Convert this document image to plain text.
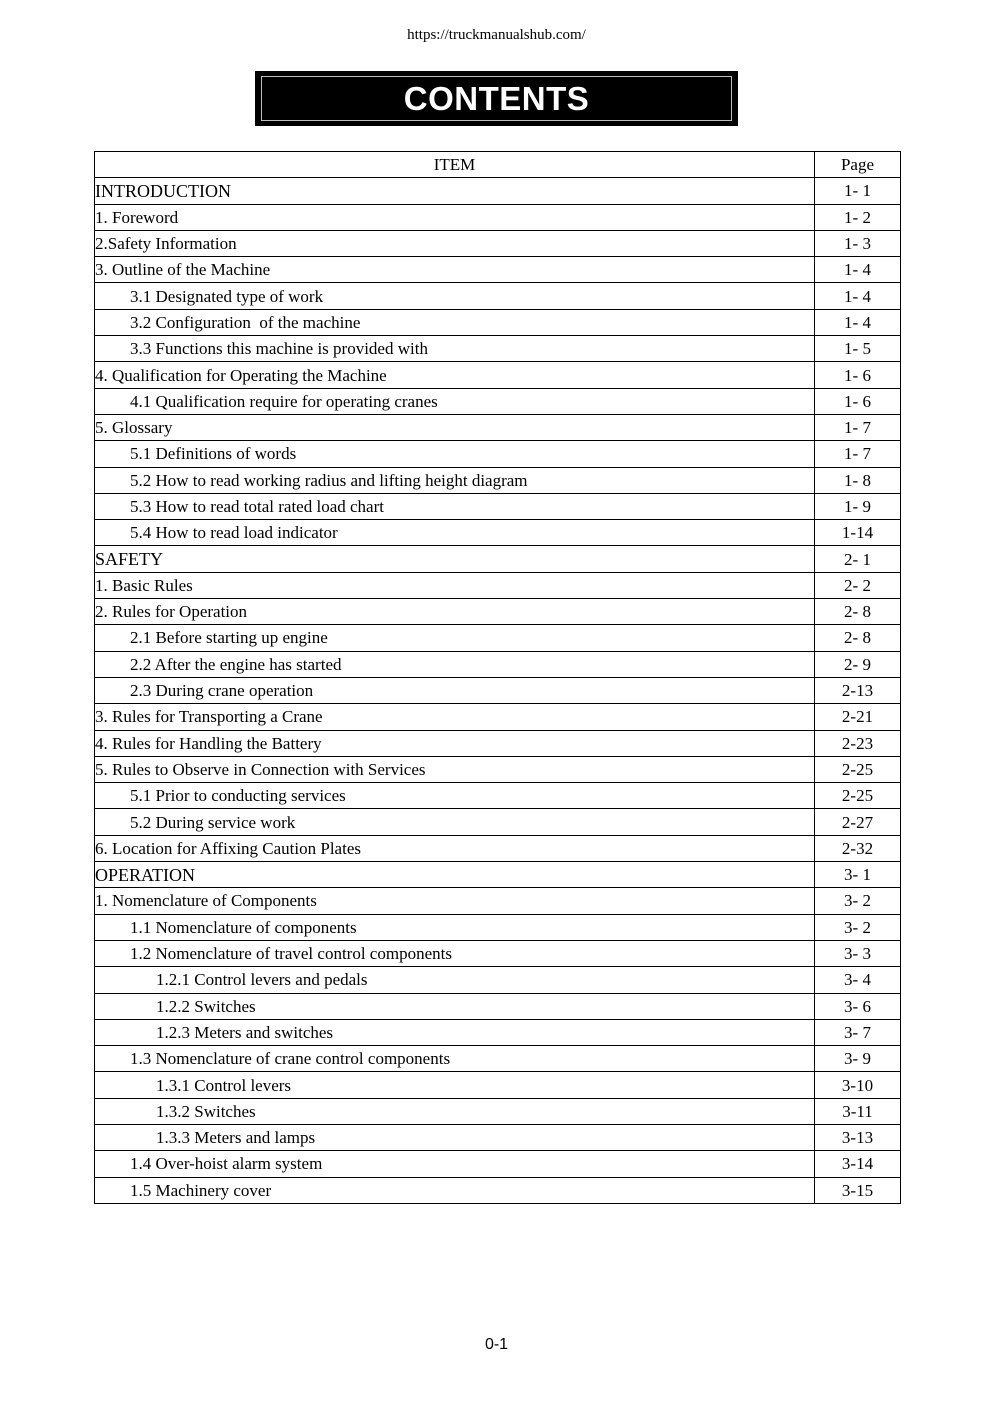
https://truckmanualshub.com/
CONTENTS
ITEM	Page
INTRODUCTION	1- 1
1. Foreword	1- 2
2.Safety Information	1- 3
3. Outline of the Machine	1- 4
3.1 Designated type of work	1- 4
3.2 Configuration  of the machine	1- 4
3.3 Functions this machine is provided with	1- 5
4. Qualification for Operating the Machine	1- 6
4.1 Qualification require for operating cranes	1- 6
5. Glossary	1- 7
5.1 Definitions of words	1- 7
5.2 How to read working radius and lifting height diagram	1- 8
5.3 How to read total rated load chart	1- 9
5.4 How to read load indicator	1-14
SAFETY	2- 1
1. Basic Rules	2- 2
2. Rules for Operation	2- 8
2.1 Before starting up engine	2- 8
2.2 After the engine has started	2- 9
2.3 During crane operation	2-13
3. Rules for Transporting a Crane	2-21
4. Rules for Handling the Battery	2-23
5. Rules to Observe in Connection with Services	2-25
5.1 Prior to conducting services	2-25
5.2 During service work	2-27
6. Location for Affixing Caution Plates	2-32
OPERATION	3- 1
1. Nomenclature of Components	3- 2
1.1 Nomenclature of components	3- 2
1.2 Nomenclature of travel control components	3- 3
1.2.1 Control levers and pedals	3- 4
1.2.2 Switches	3- 6
1.2.3 Meters and switches	3- 7
1.3 Nomenclature of crane control components	3- 9
1.3.1 Control levers	3-10
1.3.2 Switches	3-11
1.3.3 Meters and lamps	3-13
1.4 Over-hoist alarm system	3-14
1.5 Machinery cover	3-15
0-1
